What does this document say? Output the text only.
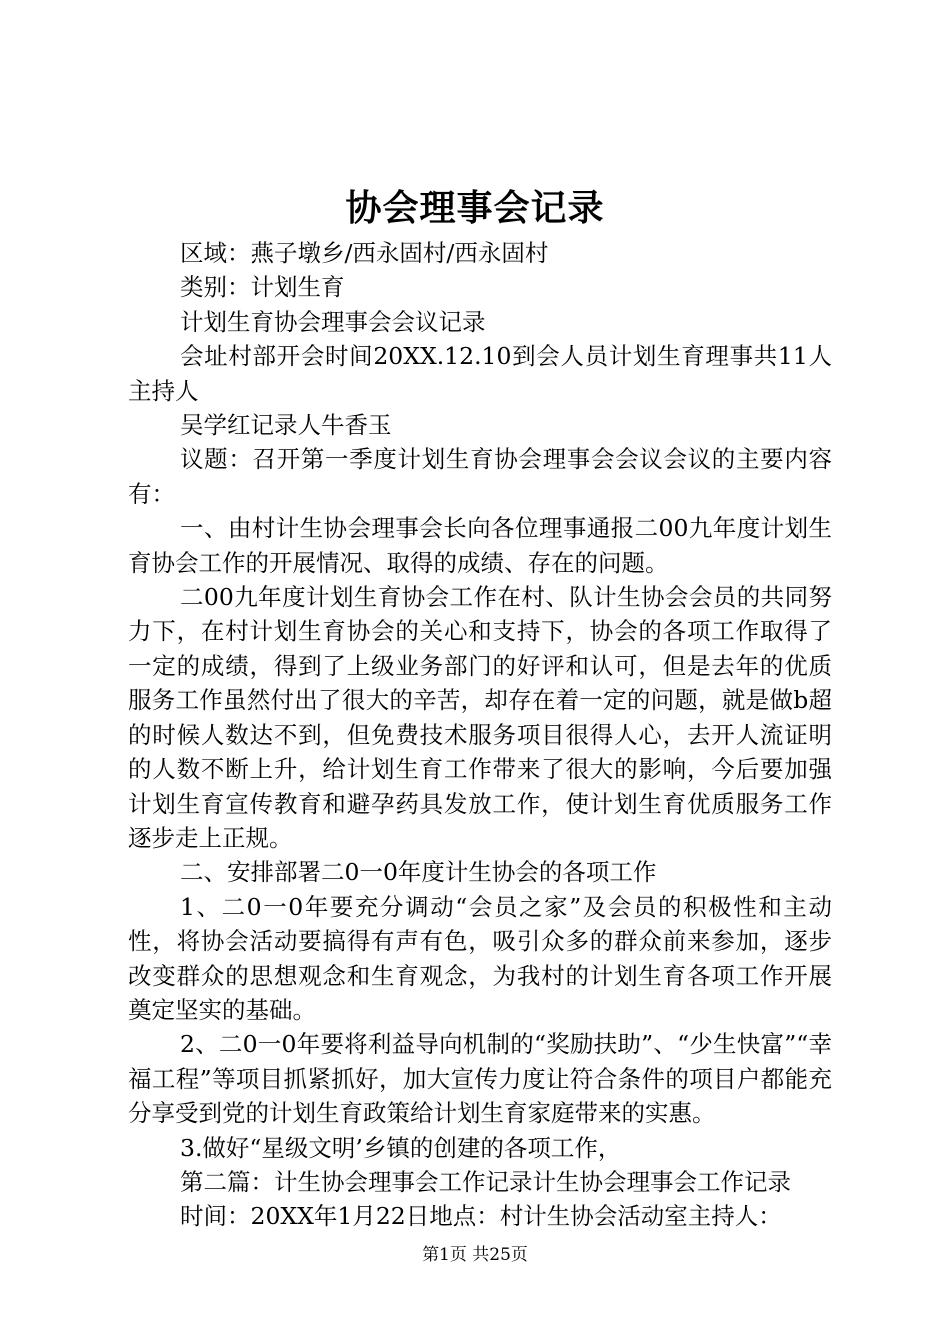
协会理事会记录

区域：燕子墩乡/西永固村/西永固村

类别：计划生育

计划生育协会理事会会议记录

会址村部开会时间20XX.12.10到会人员计划生育理事共11人主持人

吴学红记录人牛香玉

议题：召开第一季度计划生育协会理事会会议会议的主要内容有：

一、由村计生协会理事会长向各位理事通报二00九年度计划生育协会工作的开展情况、取得的成绩、存在的问题。

二00九年度计划生育协会工作在村、队计生协会会员的共同努力下，在村计划生育协会的关心和支持下，协会的各项工作取得了一定的成绩，得到了上级业务部门的好评和认可，但是去年的优质服务工作虽然付出了很大的辛苦，却存在着一定的问题，就是做b超的时候人数达不到，但免费技术服务项目很得人心，去开人流证明的人数不断上升，给计划生育工作带来了很大的影响，今后要加强计划生育宣传教育和避孕药具发放工作，使计划生育优质服务工作逐步走上正规。

二、安排部署二0一0年度计生协会的各项工作

1、二0一0年要充分调动“会员之家”及会员的积极性和主动性，将协会活动要搞得有声有色，吸引众多的群众前来参加，逐步改变群众的思想观念和生育观念，为我村的计划生育各项工作开展奠定坚实的基础。

2、二0一0年要将利益导向机制的“奖励扶助”、“少生快富”“幸福工程”等项目抓紧抓好，加大宣传力度让符合条件的项目户都能充分享受到党的计划生育政策给计划生育家庭带来的实惠。

3.做好“星级文明’乡镇的创建的各项工作，

第二篇：计生协会理事会工作记录计生协会理事会工作记录

时间：20XX年1月22日地点：村计生协会活动室主持人：

第1页 共25页
